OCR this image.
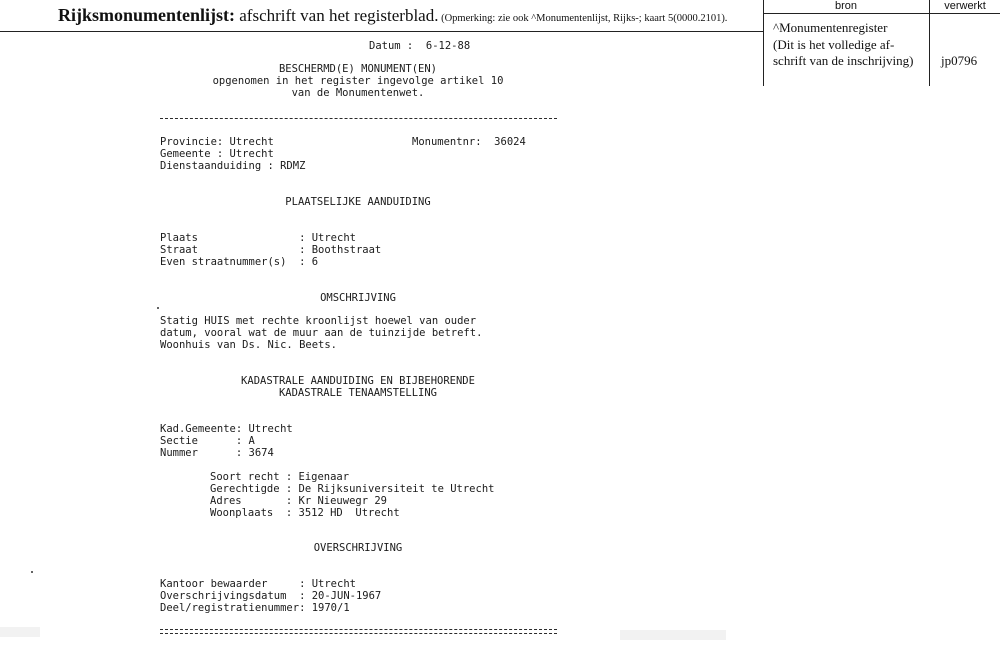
Rijksmonumentenlijst: afschrift van het registerblad. (Opmerking: zie ook ^Monumentenlijst, Rijks-; kaart 5(0000.2101).
bron	verwerkt
^Monumentenregister
(Dit is het volledige af-
schrift van de inschrijving)	jp0796
Datum :  6-12-88
BESCHERMD(E) MONUMENT(EN)
opgenomen in het register ingevolge artikel 10
van de Monumentenwet.
Provincie: Utrecht	Monumentnr:  36024
Gemeente : Utrecht
Dienstaanduiding : RDMZ
PLAATSELIJKE AANDUIDING
Plaats                : Utrecht
Straat                : Boothstraat
Even straatnummer(s)  : 6
OMSCHRIJVING
Statig HUIS met rechte kroonlijst hoewel van ouder
datum, vooral wat de muur aan de tuinzijde betreft.
Woonhuis van Ds. Nic. Beets.
KADASTRALE AANDUIDING EN BIJBEHORENDE
KADASTRALE TENAAMSTELLING
Kad.Gemeente: Utrecht
Sectie      : A
Nummer      : 3674
Soort recht : Eigenaar
Gerechtigde : De Rijksuniversiteit te Utrecht
Adres       : Kr Nieuwegr 29
Woonplaats  : 3512 HD  Utrecht
OVERSCHRIJVING
Kantoor bewaarder     : Utrecht
Overschrijvingsdatum  : 20-JUN-1967
Deel/registratienummer: 1970/1
